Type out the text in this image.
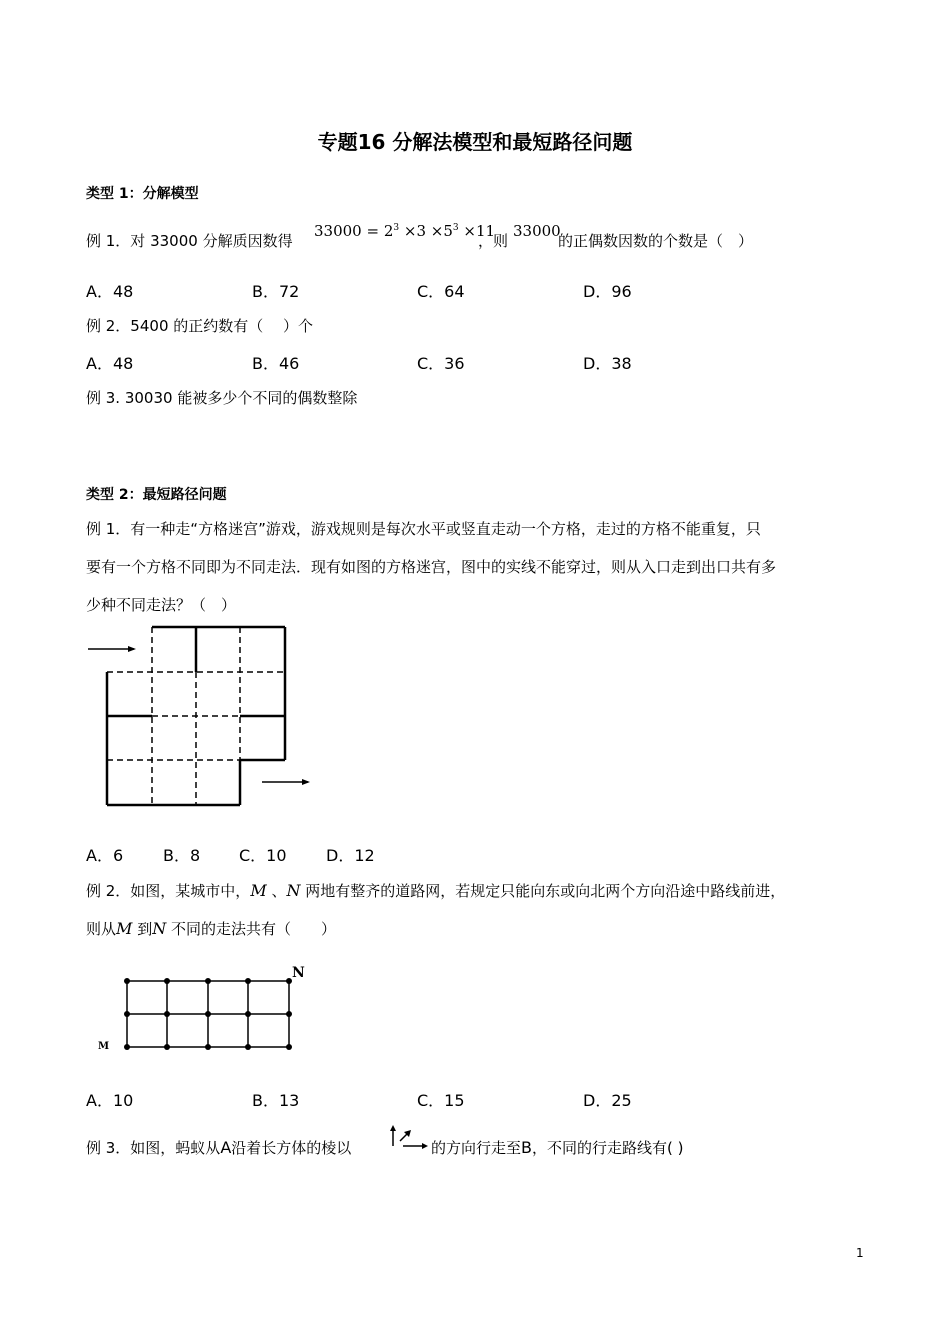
专题16 分解法模型和最短路径问题
类型 1：分解模型
例 1．对 33000 分解质因数得
$33000 = 2^3 \times 3 \times 5^3 \times 11$
，则
33000
的正偶数因数的个数是（　）
A．48	B．72	C．64	D．96
例 2．5400 的正约数有（　 ）个
A．48	B．46	C．36	D．38
例 3. 30030 能被多少个不同的偶数整除
类型 2：最短路径问题
例 1．有一种走“方格迷宫”游戏，游戏规则是每次水平或竖直走动一个方格，走过的方格不能重复，只
要有一个方格不同即为不同走法．现有如图的方格迷宫，图中的实线不能穿过，则从入口走到出口共有多
少种不同走法？（　）
A．6 B．8 C．10 D．12
例 2．如图，某城市中，M 、N 两地有整齐的道路网，若规定只能向东或向北两个方向沿途中路线前进，
则从M 到N 不同的走法共有（　　）
N
M
A．10	B．13	C．15	D．25
例 3．如图，蚂蚁从A沿着长方体的棱以	的方向行走至B，不同的行走路线有( )
1
